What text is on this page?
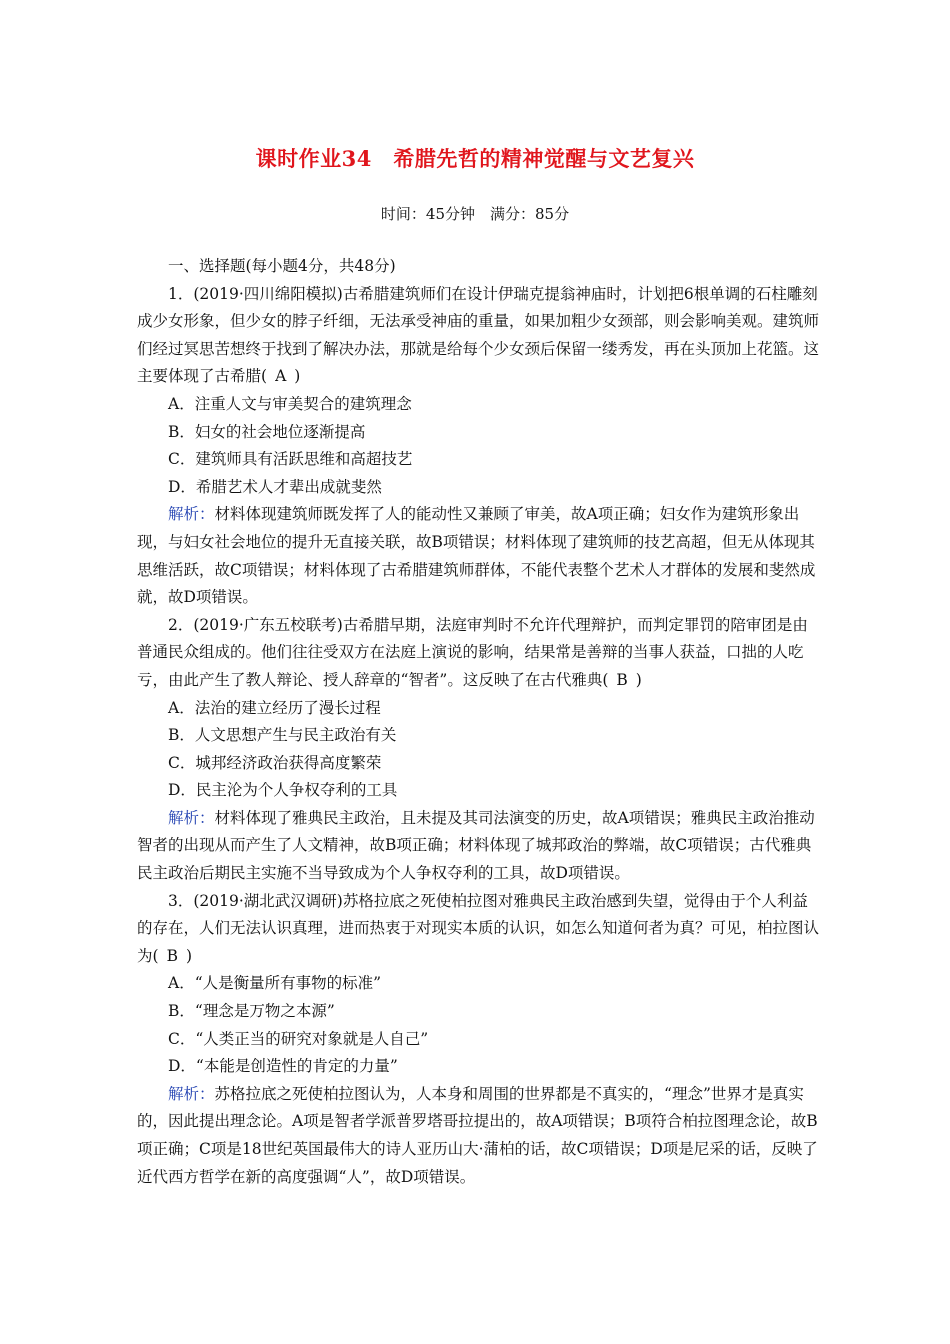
课时作业34　希腊先哲的精神觉醒与文艺复兴
时间：45分钟　满分：85分

一、选择题(每小题4分，共48分)

1．(2019·四川绵阳模拟)古希腊建筑师们在设计伊瑞克提翁神庙时，计划把6根单调的石柱雕刻成少女形象，但少女的脖子纤细，无法承受神庙的重量，如果加粗少女颈部，则会影响美观。建筑师们经过冥思苦想终于找到了解决办法，那就是给每个少女颈后保留一缕秀发，再在头顶加上花篮。这主要体现了古希腊( A )

A．注重人文与审美契合的建筑理念

B．妇女的社会地位逐渐提高

C．建筑师具有活跃思维和高超技艺

D．希腊艺术人才辈出成就斐然

解析：材料体现建筑师既发挥了人的能动性又兼顾了审美，故A项正确；妇女作为建筑形象出现，与妇女社会地位的提升无直接关联，故B项错误；材料体现了建筑师的技艺高超，但无从体现其思维活跃，故C项错误；材料体现了古希腊建筑师群体，不能代表整个艺术人才群体的发展和斐然成就，故D项错误。

2．(2019·广东五校联考)古希腊早期，法庭审判时不允许代理辩护，而判定罪罚的陪审团是由普通民众组成的。他们往往受双方在法庭上演说的影响，结果常是善辩的当事人获益，口拙的人吃亏，由此产生了教人辩论、授人辞章的“智者”。这反映了在古代雅典( B )

A．法治的建立经历了漫长过程

B．人文思想产生与民主政治有关

C．城邦经济政治获得高度繁荣

D．民主沦为个人争权夺利的工具

解析：材料体现了雅典民主政治，且未提及其司法演变的历史，故A项错误；雅典民主政治推动智者的出现从而产生了人文精神，故B项正确；材料体现了城邦政治的弊端，故C项错误；古代雅典民主政治后期民主实施不当导致成为个人争权夺利的工具，故D项错误。

3．(2019·湖北武汉调研)苏格拉底之死使柏拉图对雅典民主政治感到失望，觉得由于个人利益的存在，人们无法认识真理，进而热衷于对现实本质的认识，如怎么知道何者为真？可见，柏拉图认为( B )

A．“人是衡量所有事物的标准”

B．“理念是万物之本源”

C．“人类正当的研究对象就是人自己”

D．“本能是创造性的肯定的力量”

解析：苏格拉底之死使柏拉图认为，人本身和周围的世界都是不真实的，“理念”世界才是真实的，因此提出理念论。A项是智者学派普罗塔哥拉提出的，故A项错误；B项符合柏拉图理念论，故B项正确；C项是18世纪英国最伟大的诗人亚历山大·蒲柏的话，故C项错误；D项是尼采的话，反映了近代西方哲学在新的高度强调“人”，故D项错误。
